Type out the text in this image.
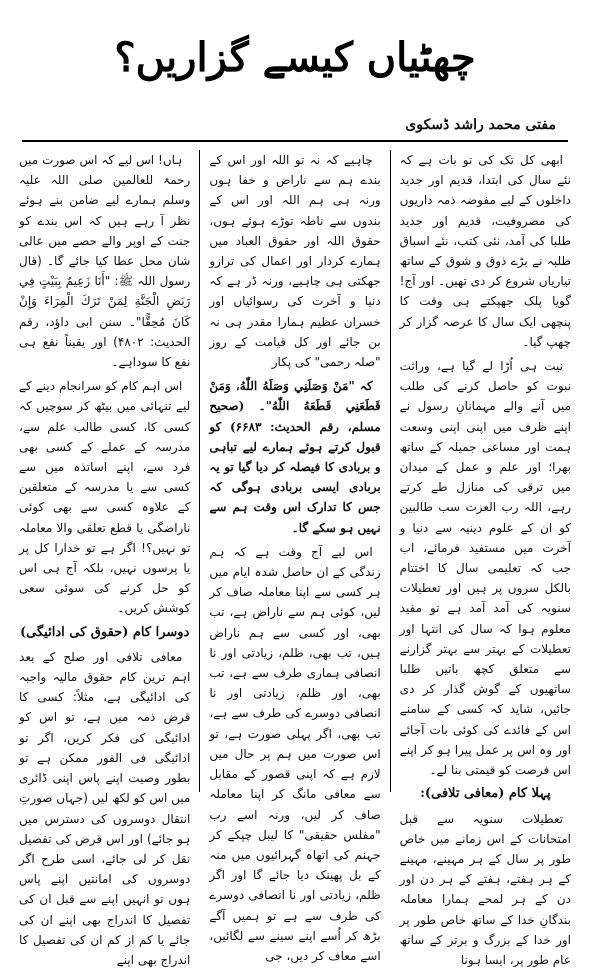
چھٹیاں کیسے گزاریں؟
مفتی محمد راشد ڈسکوی

ابھی کل تک کی تو بات ہے کہ نئے سال کی ابتدا، قدیم اور جدید داخلوں کے لیے مفوضہ ذمہ داریوں کی مصروفیت، قدیم اور جدید طلبا کی آمد، نئی کتب، نئے اسباق طلبہ نے بڑے ذوق و شوق کے ساتھ تیاریاں شروع کر دی تھیں۔ اور آج! گویا پلک جھپکتے ہی وقت کا پنچھی ایک سال کا عرصہ گزار کر چھپ گیا۔

نیت ہی اُڑا لے گیا ہے، وراثت نبوت کو حاصل کرنے کی طلب میں آنے والے مہمانانِ رسول نے اپنے ظرف میں اپنی اپنی وسعت ہمت اور مساعی جمیلہ کے ساتھ بھرا؛ اور علم و عمل کے میدان میں ترقی کی منازل طے کرتے رہے، اللہ رب العزت سب طالبین کو ان کے علوم دینیہ سے دنیا و آخرت میں مستفید فرمائے، اب جب کہ تعلیمی سال کا اختتام بالکل سروں پر ہیں اور تعطیلات سنویہ کی آمد آمد ہے تو مفید معلوم ہوا کہ سال کی انتہا اور تعطیلات کے بہتر سے بہتر گزارنے سے متعلق کچھ باتیں طلبا ساتھیوں کے گوش گذار کر دی جائیں، شاید کہ کسی کے سامنے اس کے فائدے کی کوئی بات آجائے اور وہ اس پر عمل پیرا ہو کر اپنے اس فرصت کو قیمتی بنا لے۔

پہلا کام (معافی تلافی):

تعطیلات سنویہ سے قبل امتحانات کے اس زمانے میں خاص طور پر سال کے ہر مہینے، مہینے کے ہر ہفتے، ہفتے کے ہر دن اور دن کے ہر لمحے ہمارا معاملہ بندگانِ خدا کے ساتھ خاص طور پر اور خدا کے بزرگ و برتر کے ساتھ عام طور پر، ایسا ہونا

چاہیے کہ نہ تو اللہ اور اس کے بندے ہم سے ناراض و خفا ہوں ورنہ ہی ہم اللہ اور اس کے بندوں سے ناطہ توڑے ہوئے ہوں، حقوق اللہ اور حقوق العباد میں ہمارے کردار اور اعمال کی ترازو جھکتی ہی چاہیے، ورنہ ڈر ہے کہ دنیا و آخرت کی رسوائیاں اور خسران عظیم ہمارا مقدر ہی نہ بن جائے اور کل قیامت کے روز "صلہ رحمی" کی پکار

کہ "مَنْ وَصَلَنِي وَصَلَهُ اللّٰهُ، وَمَنْ قَطَعَنِي قَطَعَهُ اللّٰهُ"۔ (صحیح مسلم، رقم الحدیث: ۶۶۸۳) کو قبول کرتے ہوئے ہمارے لیے تباہی و بربادی کا فیصلہ کر دیا گیا تو یہ بربادی ایسی بربادی ہوگی کہ جس کا تدارک اس وقت ہم سے نہیں ہو سکے گا۔

اس لیے آج وقت ہے کہ ہم زندگی کے ان حاصل شدہ ایام میں ہر کسی سے اپنا معاملہ صاف کر لیں، کوئی ہم سے ناراض ہے، تب بھی، اور کسی سے ہم ناراض ہیں، تب بھی، ظلم، زیادتی اور نا انصافی ہماری طرف سے ہے، تب بھی، اور ظلم، زیادتی اور نا انصافی دوسرے کی طرف سے ہے، تب بھی، اگر پہلی صورت ہے، تو اس صورت میں ہم پر حال میں لازم ہے کہ اپنی قصور کے مقابل سے معافی مانگ کر اپنا معاملہ صاف کر لیں، ورنہ اسے رب "مفلس حقیقی" کا لیبل چپکے کر جہنم کی اتھاہ گہرائیوں میں منہ کے بل پھینک دیا جائے گا اور اگر ظلم، زیادتی اور نا انصافی دوسرے کی طرف سے ہے تو ہمیں آگے بڑھ کر اُسے اپنے سینے سے لگائیں، اسے معاف کر دیں، جی

ہاں! اس لیے کہ اس صورت میں رحمۃ للعالمین صلی اللہ علیہ وسلم ہمارے لیے ضامن بنے ہوئے نظر آ رہے ہیں کہ اس بندے کو جنت کے اوپر والے حصے میں عالی شان محل عطا کیا جائے گا۔ (قال رسول اللہ ﷺ: "أَنَا زَعِيمٌ بِبَيْتٍ فِي رَبَضِ الْجَنَّةِ لِمَنْ تَرَكَ الْمِرَاءَ وَإِنْ كَانَ مُحِقًّا"۔ سنن ابی داؤد، رقم الحدیث: ۴۸۰۲) اور یقیناً نفع ہی نفع کا سوداہے۔

اس اہم کام کو سرانجام دینے کے لیے تنہائی میں بیٹھ کر سوچیں کہ کسی کا، کسی طالب علم سے، مدرسہ کے عملے کے کسی بھی فرد سے، اپنے اساتذہ میں سے کسی سے یا مدرسہ کے متعلقین کے علاوہ کسی سے بھی کوئی ناراضگی یا قطع تعلقی والا معاملہ تو نہیں؟! اگر ہے تو خدارا کل پر یا پرسوں نہیں، بلکہ آج ہی اس کو حل کرنے کی سوئی سعی کوشش کریں۔

دوسرا کام (حقوق کی ادائیگی)

معافی تلافی اور صلح کے بعد اہم ترین کام حقوق مالیہ واجبہ کی ادائیگی ہے، مثلاً: کسی کا قرض ذمہ میں ہے، تو اس کو ادائیگی کی فکر کریں، اگر تو ادائیگی فی الفور ممکن ہے تو بطور وصیت اپنے پاس اپنی ڈائری میں اس کو لکھ لیں (جہاں صورتِ انتقال دوسروں کی دسترس میں ہو جائے) اور اس قرض کی تفصیل نقل کر لی جائے، اسی طرح اگر دوسروں کی امانتیں اپنے پاس ہوں تو انہیں اپنے سے قبل ان کی تفصیل کا اندراج بھی اپنے ان کی جائے یا کم از کم ان کی تفصیل کا اندراج بھی اپنے
